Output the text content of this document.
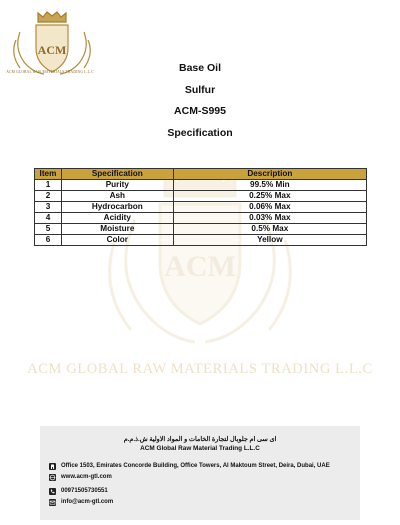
ACM
ACM GLOBAL RAW MATERIALS TRADING L.L.C
ACM
ACM GLOBAL RAW MATERIALS TRADING L.L.C
Base Oil
Sulfur
ACM-S995
Specification
Item	Specification	Description
1	Purity	99.5% Min
2	Ash	0.25% Max
3	Hydrocarbon	0.06% Max
4	Acidity	0.03% Max
5	Moisture	0.5% Max
6	Color	Yellow
اى سى ام جلوبال لتجارة الخامات و المواد الاولية ش.ذ.م.م
ACM Global Raw Material Trading L.L.C
Office 1503, Emirates Concorde Building, Office Towers, Al Maktoum Street, Deira, Dubai, UAE
www.acm-gtl.com
00971505730551
info@acm-gtl.com
